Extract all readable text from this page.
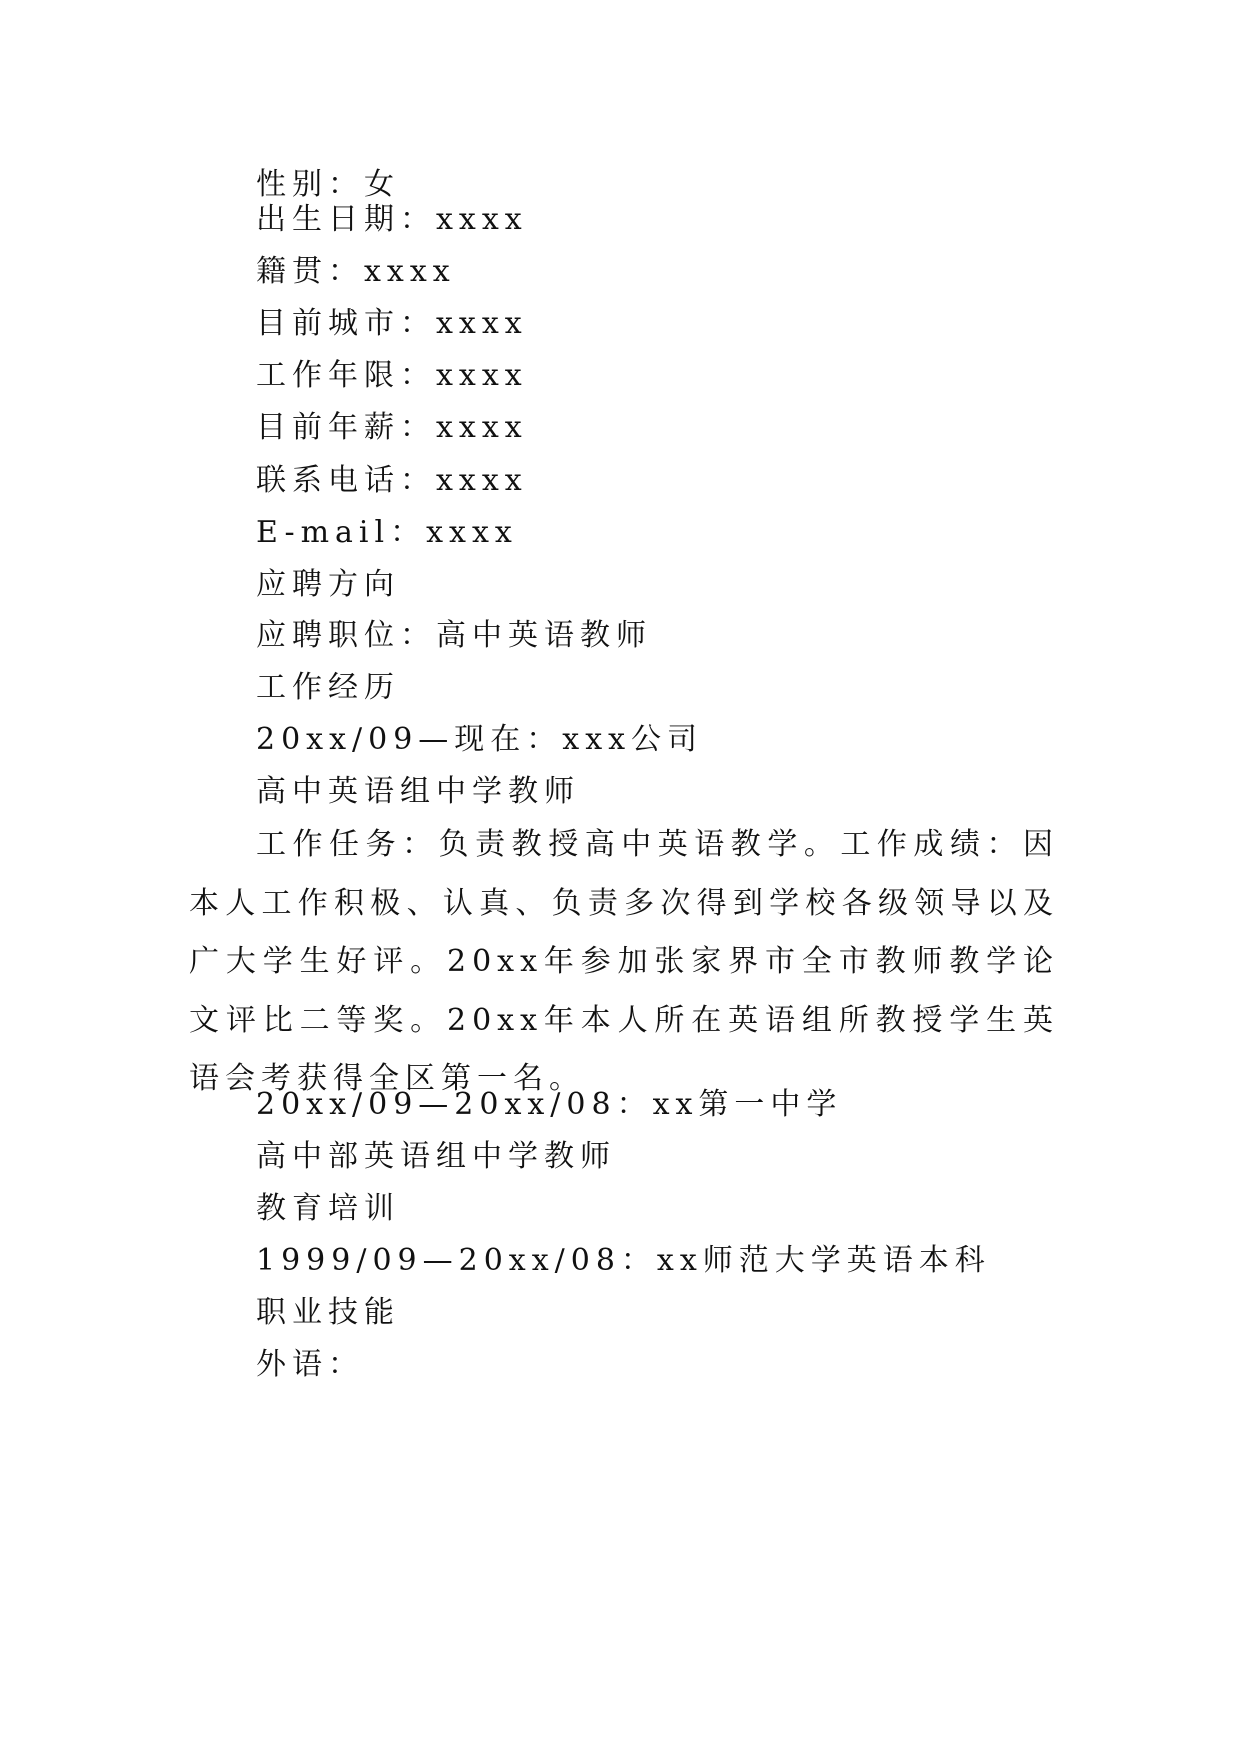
性别：女
出生日期：xxxx
籍贯：xxxx
目前城市：xxxx
工作年限：xxxx
目前年薪：xxxx
联系电话：xxxx
E-mail：xxxx
应聘方向
应聘职位：高中英语教师
工作经历
20xx/09—现在：xxx公司
高中英语组中学教师
工作任务：负责教授高中英语教学。工作成绩：因本人工作积极、认真、负责多次得到学校各级领导以及广大学生好评。20xx年参加张家界市全市教师教学论文评比二等奖。20xx年本人所在英语组所教授学生英语会考获得全区第一名。
20xx/09—20xx/08：xx第一中学
高中部英语组中学教师
教育培训
1999/09—20xx/08：xx师范大学英语本科
职业技能
外语：
